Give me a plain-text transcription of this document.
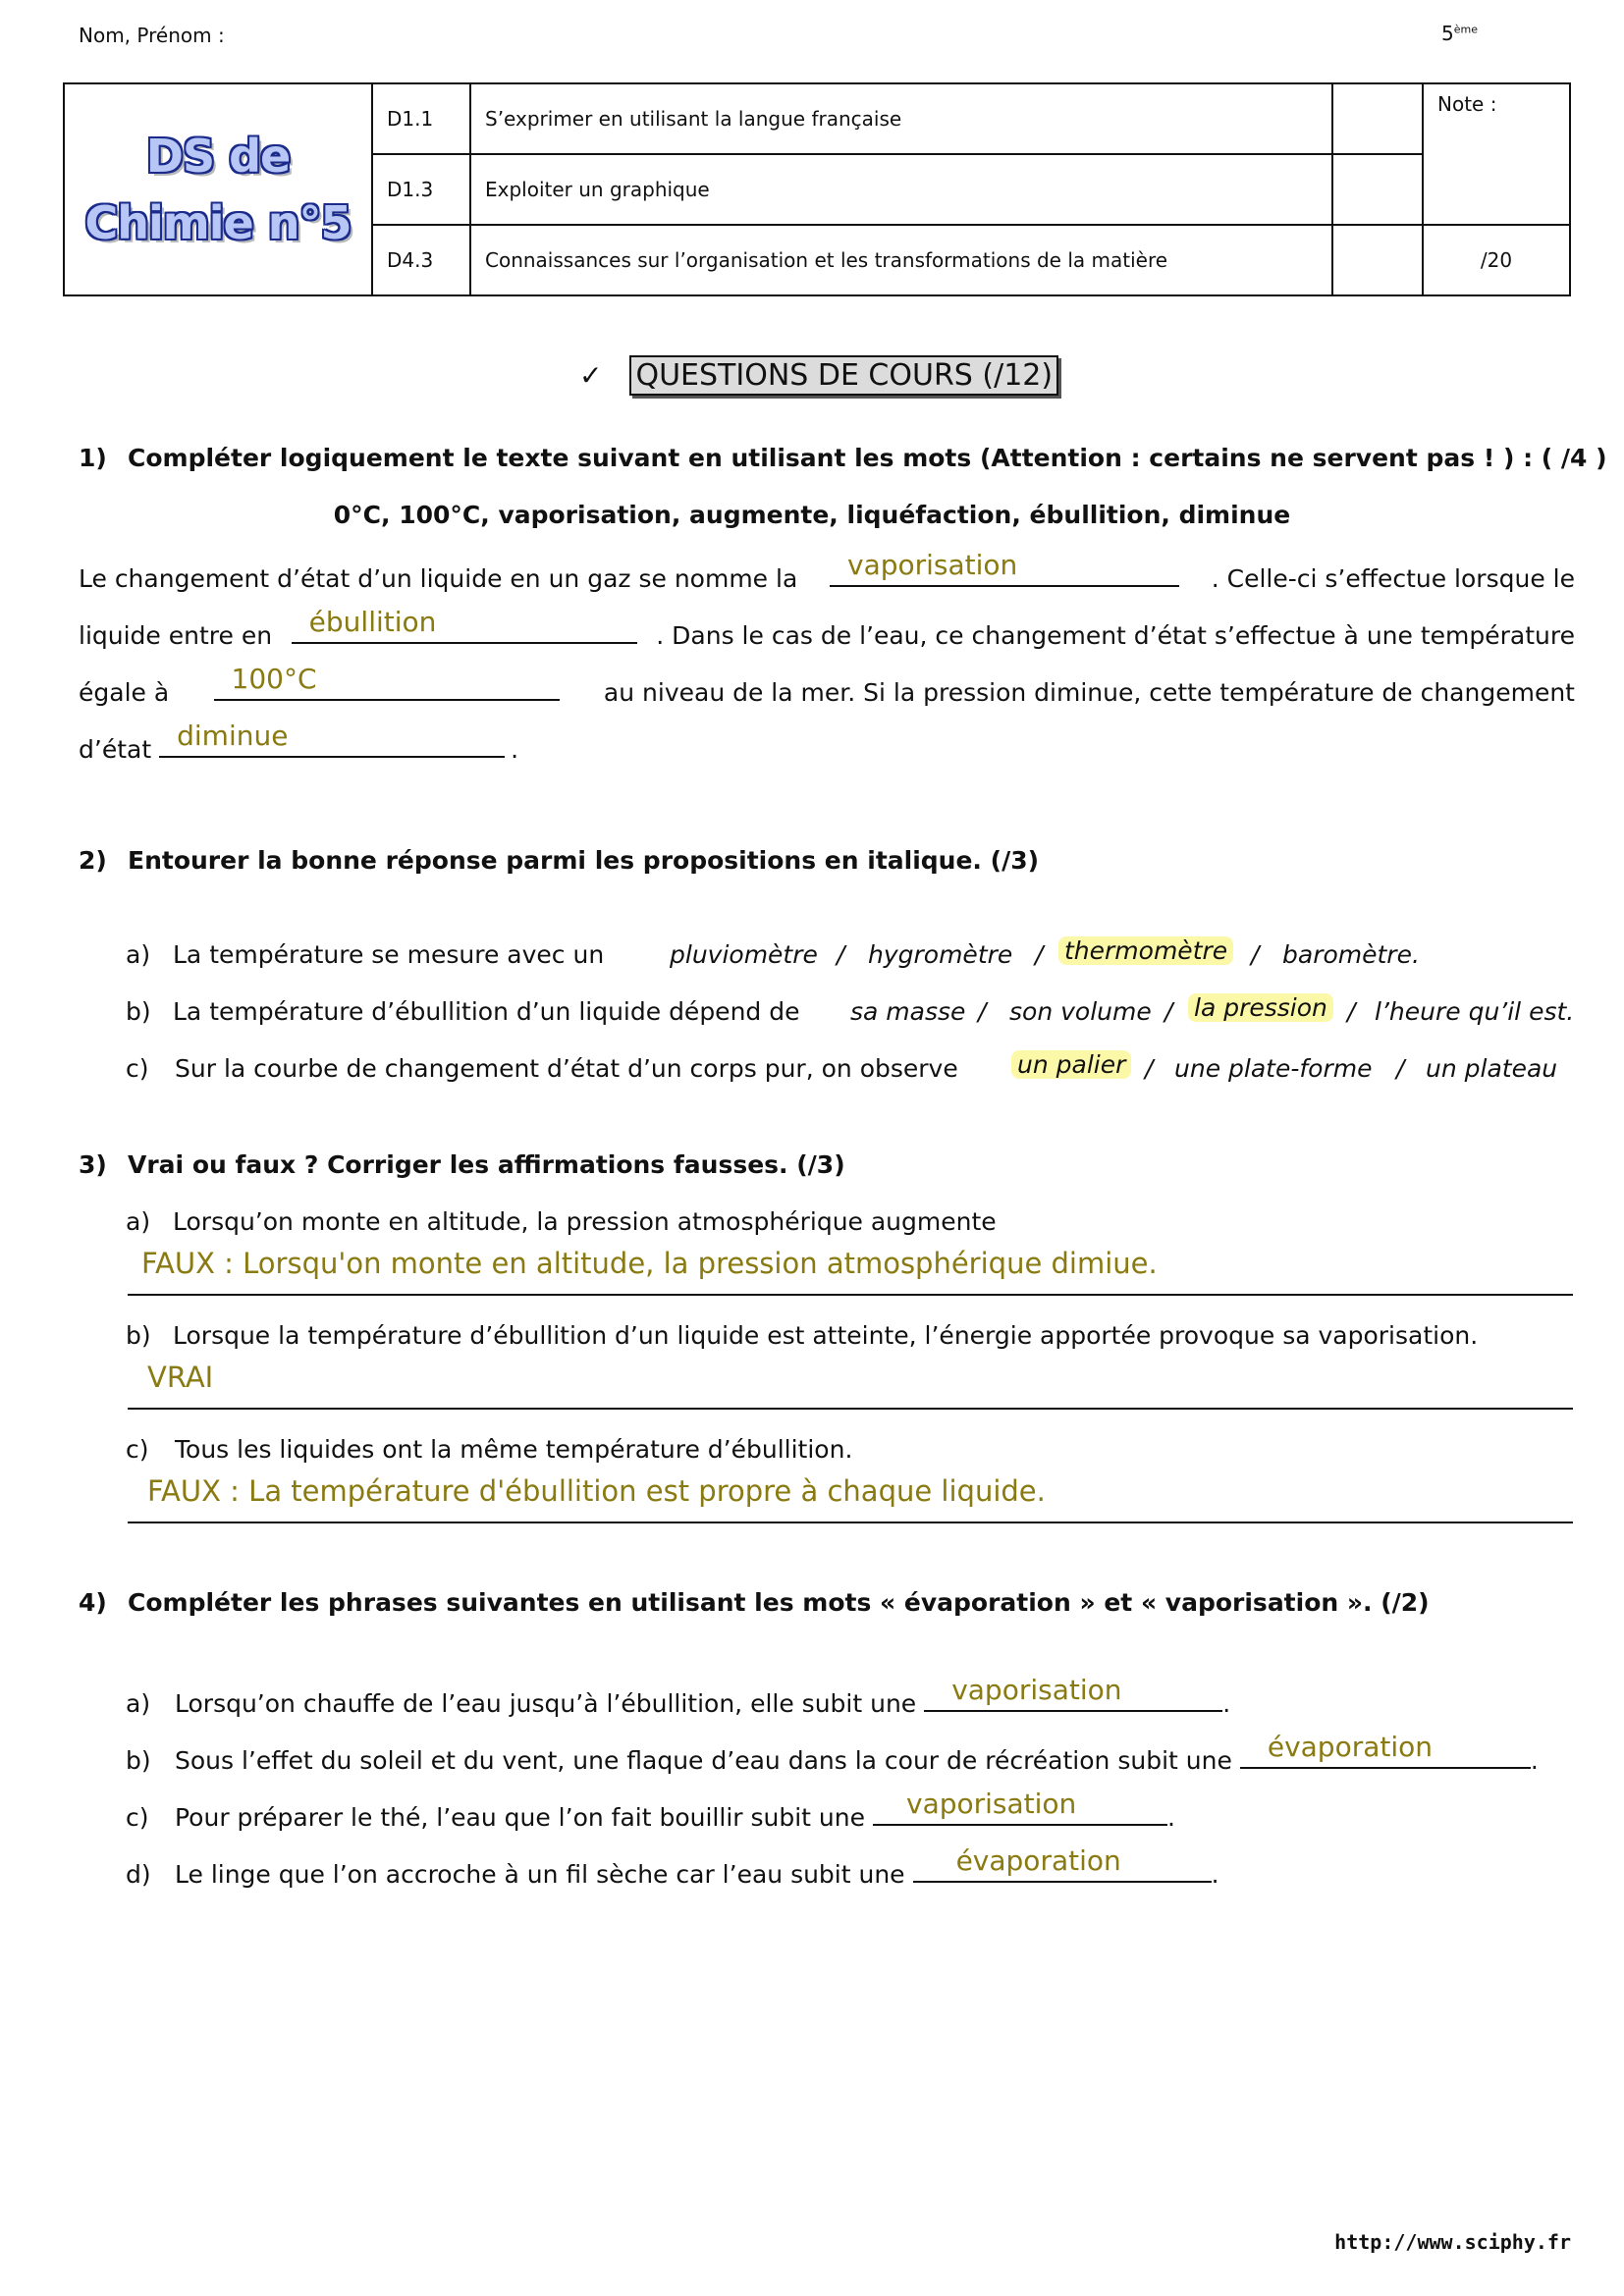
Nom, Prénom :	5ème
DS de
Chimie n°5	D1.1	S’exprimer en utilisant la langue française		Note :
	D1.3	Exploiter un graphique		
	D4.3	Connaissances sur l’organisation et les transformations de la matière		/20
✓ QUESTIONS DE COURS (/12)
1) Compléter logiquement le texte suivant en utilisant les mots (Attention : certains ne servent pas ! ) : ( /4 )
0°C, 100°C, vaporisation, augmente, liquéfaction, ébullition, diminue
Le changement d’état d’un liquide en un gaz se nomme la vaporisation	. Celle-ci s’effectue lorsque le
liquide entre en ébullition	. Dans le cas de l’eau, ce changement d’état s’effectue à une température
égale à 100°C	au niveau de la mer. Si la pression diminue, cette température de changement
d’état diminue	.
2) Entourer la bonne réponse parmi les propositions en italique. (/3)
a) La température se mesure avec un	pluviomètre / hygromètre / thermomètre / baromètre.
b) La température d’ébullition d’un liquide dépend de sa masse / son volume / la pression / l’heure qu’il est.
c) Sur la courbe de changement d’état d’un corps pur, on observe un palier / une plate-forme / un plateau
3) Vrai ou faux ? Corriger les affirmations fausses. (/3)
a) Lorsqu’on monte en altitude, la pression atmosphérique augmente
FAUX : Lorsqu'on monte en altitude, la pression atmosphérique dimiue.
b) Lorsque la température d’ébullition d’un liquide est atteinte, l’énergie apportée provoque sa vaporisation.
VRAI
c) Tous les liquides ont la même température d’ébullition.
FAUX : La température d'ébullition est propre à chaque liquide.
4) Compléter les phrases suivantes en utilisant les mots « évaporation » et « vaporisation ». (/2)
a) Lorsqu’on chauffe de l’eau jusqu’à l’ébullition, elle subit une vaporisation	.
b) Sous l’effet du soleil et du vent, une flaque d’eau dans la cour de récréation subit une évaporation	.
c)	Pour préparer le thé, l’eau que l’on fait bouillir subit une vaporisation	.
d) Le linge que l’on accroche à un fil sèche car l’eau subit une évaporation	.
http://www.sciphy.fr
